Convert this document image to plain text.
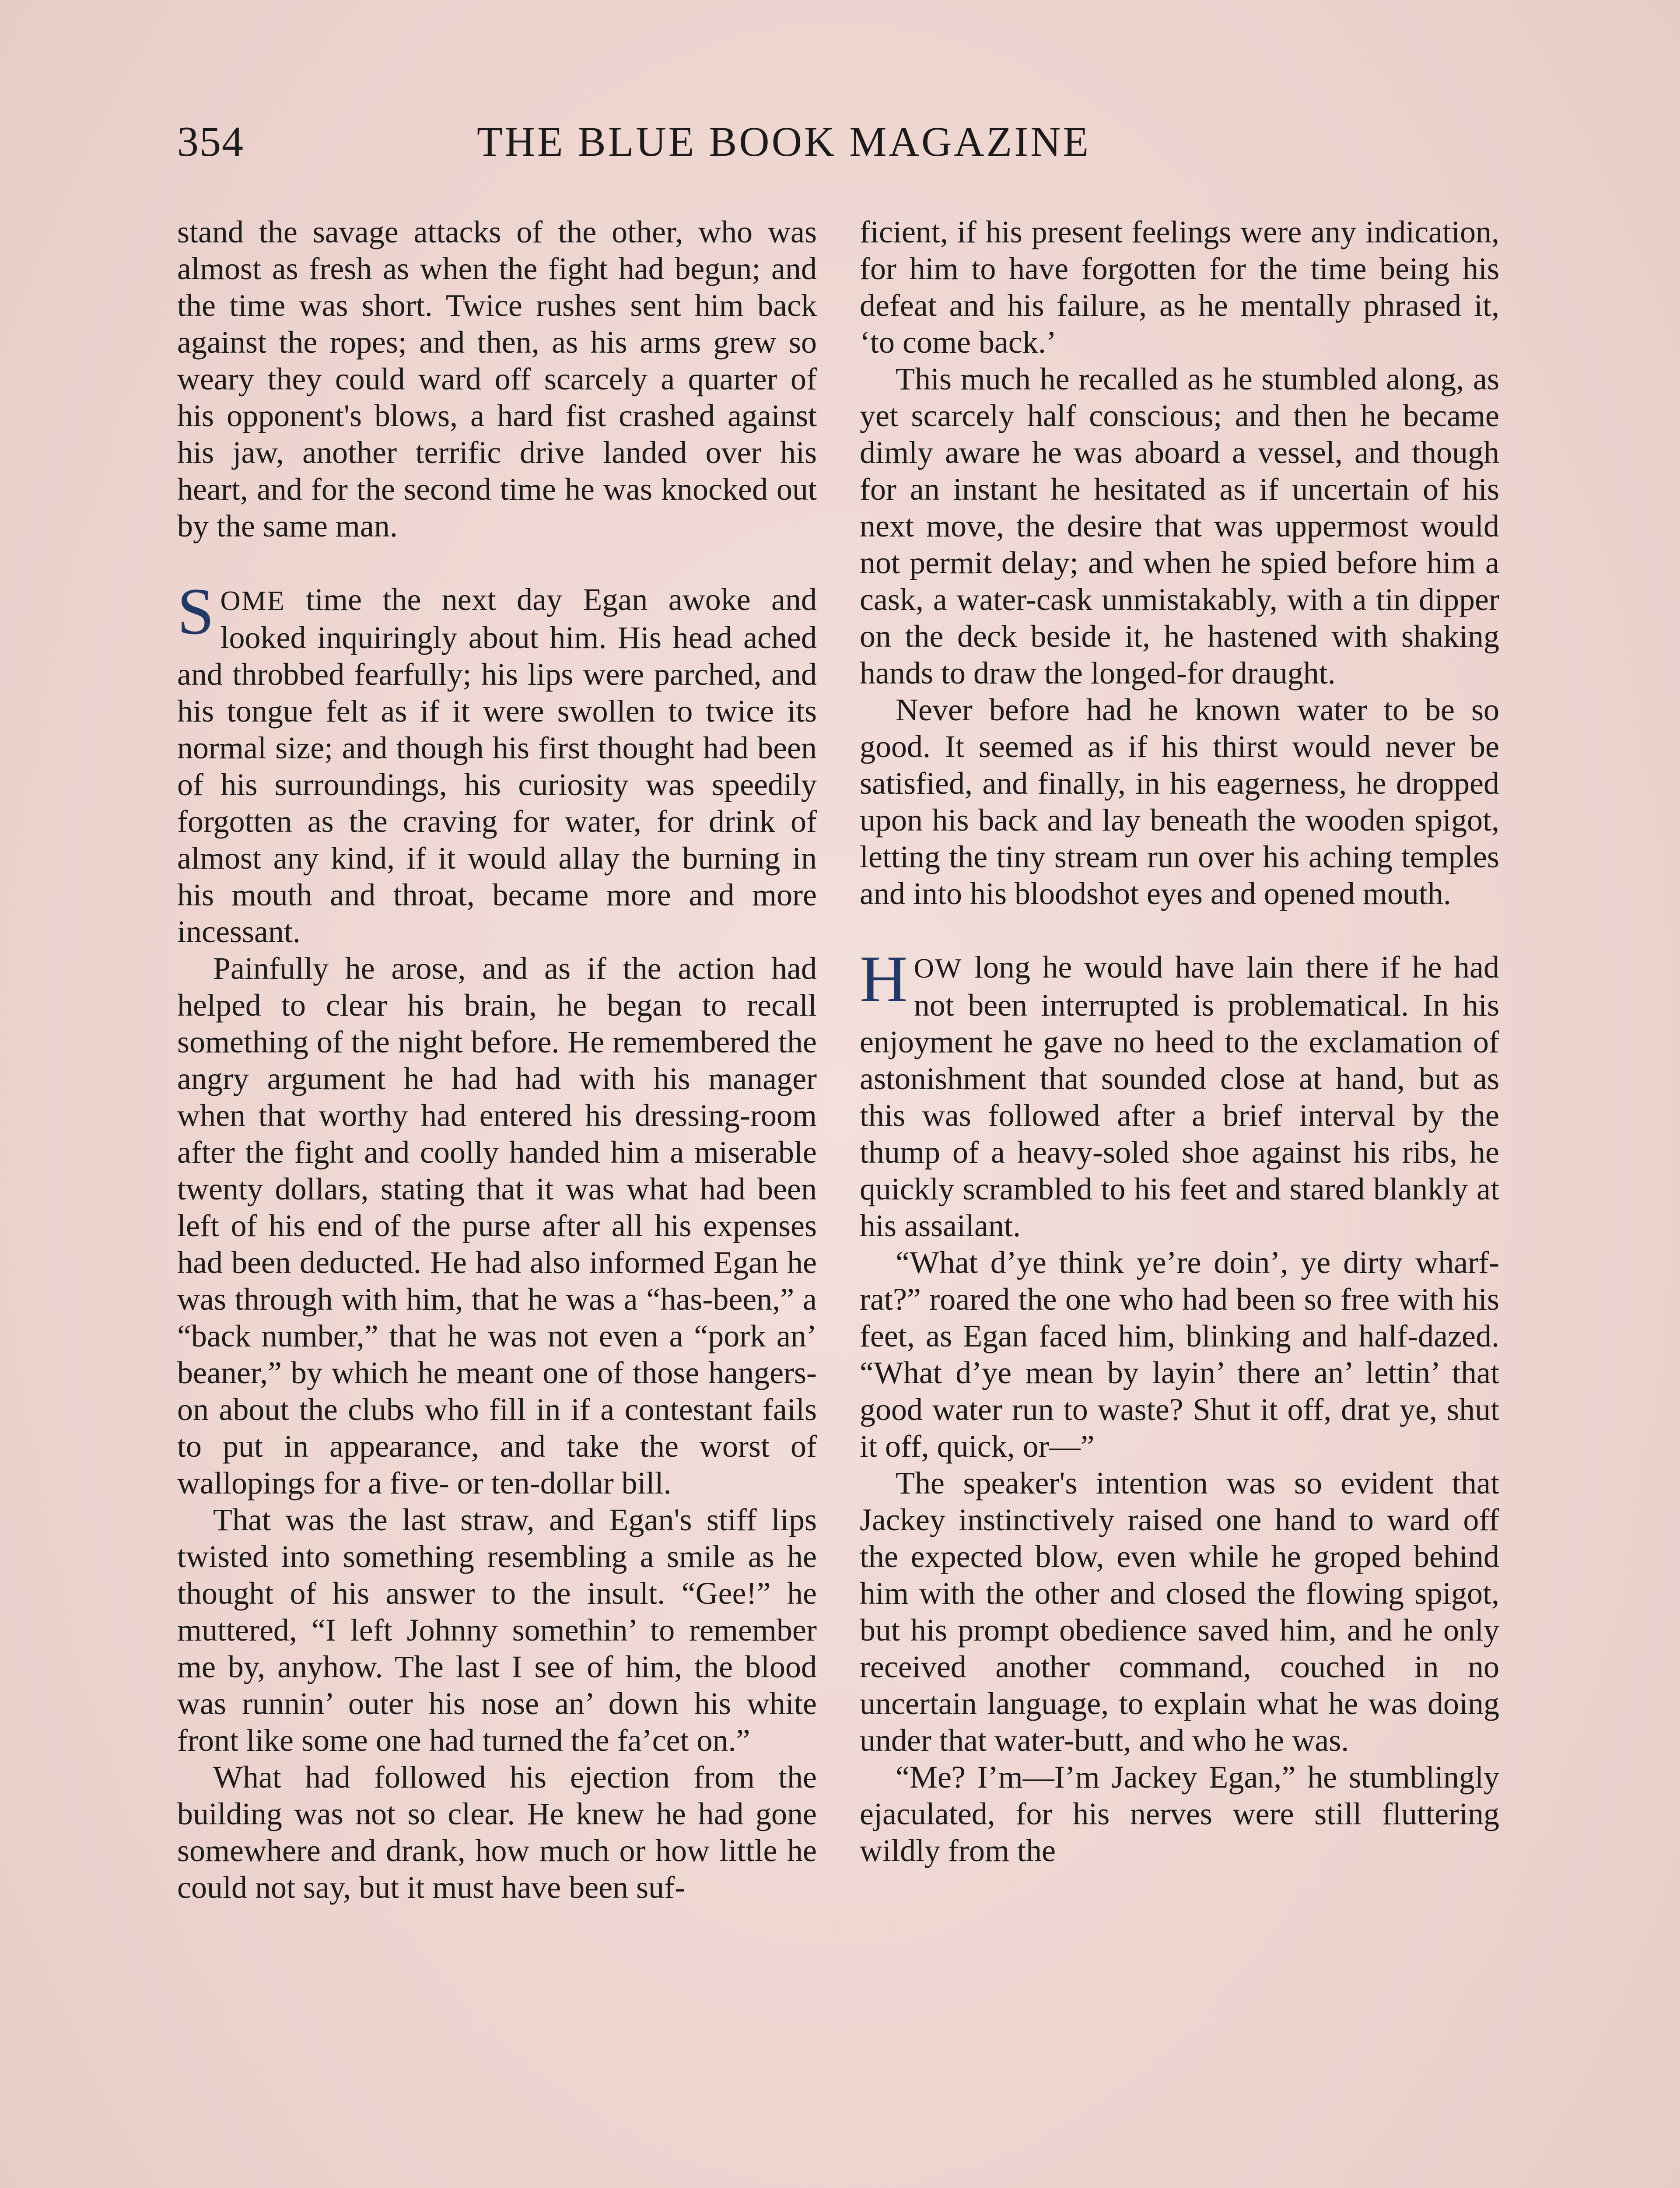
354	THE BLUE BOOK MAGAZINE

stand the savage attacks of the other, who was almost as fresh as when the fight had begun; and the time was short. Twice rushes sent him back against the ropes; and then, as his arms grew so weary they could ward off scarcely a quarter of his opponent's blows, a hard fist crashed against his jaw, another terrific drive landed over his heart, and for the second time he was knocked out by the same man.

SOME time the next day Egan awoke and looked inquiringly about him. His head ached and throbbed fearfully; his lips were parched, and his tongue felt as if it were swollen to twice its normal size; and though his first thought had been of his surroundings, his curiosity was speedily forgotten as the craving for water, for drink of almost any kind, if it would allay the burning in his mouth and throat, became more and more incessant.

Painfully he arose, and as if the action had helped to clear his brain, he began to recall something of the night before. He remembered the angry argument he had had with his manager when that worthy had entered his dressing-room after the fight and coolly handed him a miserable twenty dollars, stating that it was what had been left of his end of the purse after all his expenses had been deducted. He had also informed Egan he was through with him, that he was a “has-been,” a “back number,” that he was not even a “pork an’ beaner,” by which he meant one of those hangers-on about the clubs who fill in if a contestant fails to put in appearance, and take the worst of wallopings for a five- or ten-dollar bill.

That was the last straw, and Egan's stiff lips twisted into something resembling a smile as he thought of his answer to the insult. “Gee!” he muttered, “I left Johnny somethin’ to remember me by, anyhow. The last I see of him, the blood was runnin’ outer his nose an’ down his white front like some one had turned the fa’cet on.”

What had followed his ejection from the building was not so clear. He knew he had gone somewhere and drank, how much or how little he could not say, but it must have been suf-

ficient, if his present feelings were any indication, for him to have forgotten for the time being his defeat and his failure, as he mentally phrased it, ‘to come back.’

This much he recalled as he stumbled along, as yet scarcely half conscious; and then he became dimly aware he was aboard a vessel, and though for an instant he hesitated as if uncertain of his next move, the desire that was uppermost would not permit delay; and when he spied before him a cask, a water-cask unmistakably, with a tin dipper on the deck beside it, he hastened with shaking hands to draw the longed-for draught.

Never before had he known water to be so good. It seemed as if his thirst would never be satisfied, and finally, in his eagerness, he dropped upon his back and lay beneath the wooden spigot, letting the tiny stream run over his aching temples and into his bloodshot eyes and opened mouth.

HOW long he would have lain there if he had not been interrupted is problematical. In his enjoyment he gave no heed to the exclamation of astonishment that sounded close at hand, but as this was followed after a brief interval by the thump of a heavy-soled shoe against his ribs, he quickly scrambled to his feet and stared blankly at his assailant.

“What d’ye think ye’re doin’, ye dirty wharf-rat?” roared the one who had been so free with his feet, as Egan faced him, blinking and half-dazed. “What d’ye mean by layin’ there an’ lettin’ that good water run to waste? Shut it off, drat ye, shut it off, quick, or—”

The speaker's intention was so evident that Jackey instinctively raised one hand to ward off the expected blow, even while he groped behind him with the other and closed the flowing spigot, but his prompt obedience saved him, and he only received another command, couched in no uncertain language, to explain what he was doing under that water-butt, and who he was.

“Me? I’m—I’m Jackey Egan,” he stumblingly ejaculated, for his nerves were still fluttering wildly from the
